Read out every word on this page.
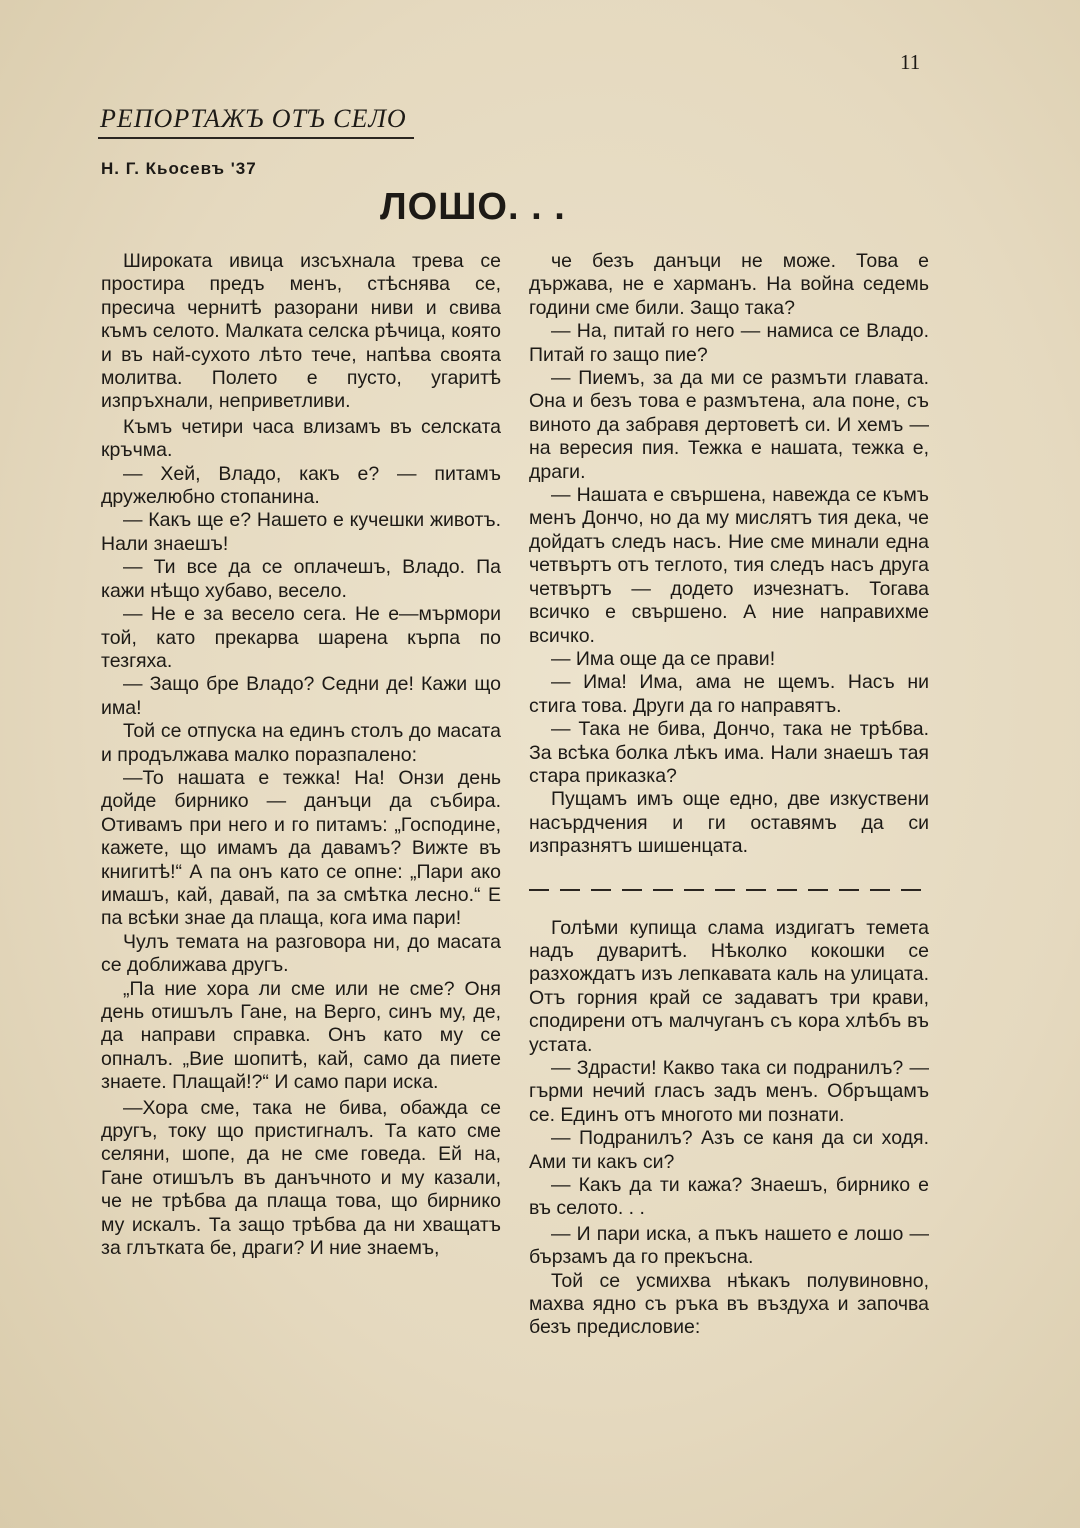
11
РЕПОРТАЖЪ ОТЪ СЕЛО
Н. Г. Кьосевъ '37
ЛОШО. . .

Широката ивица изсъхнала трева се простира предъ менъ, стѣснява се, пресича чернитѣ разорани ниви и свива къмъ селото. Малката селска рѣчица, която и въ най-сухото лѣто тече, напѣва своята молитва. Полето е пусто, угаритѣ изпръхнали, неприветливи.

Къмъ четири часа влизамъ въ селската кръчма.

— Хей, Владо, какъ е? — питамъ дружелюбно стопанина.

— Какъ ще е? Нашето е кучешки животъ. Нали знаешъ!

— Ти все да се оплачешъ, Владо. Па кажи нѣщо хубаво, весело.

— Не е за весело сега. Не е—мърмори той, като прекарва шарена кърпа по тезгяха.

— Защо бре Владо? Седни де! Кажи що има!

Той се отпуска на единъ столъ до масата и продължава малко поразпалено:

—То нашата е тежка! На! Онзи день дойде бирнико — данъци да събира. Отивамъ при него и го питамъ: „Господине, кажете, що имамъ да давамъ? Вижте въ книгитѣ!“ А па онъ като се опне: „Пари ако имашъ, кай, давай, па за смѣтка лесно.“ Е па всѣки знае да плаща, кога има пари!

Чулъ темата на разговора ни, до масата се доближава другъ.

„Па ние хора ли сме или не сме? Оня день отишълъ Гане, на Верго, синъ му, де, да направи справка. Онъ като му се опналъ. „Вие шопитѣ, кай, само да пиете знаете. Плащай!?“ И само пари иска.

—Хора сме, така не бива, обажда се другъ, току що пристигналъ. Та като сме селяни, шопе, да не сме говеда. Ей на, Гане отишълъ въ данъчното и му казали, че не трѣбва да плаща това, що бирнико му искалъ. Та защо трѣбва да ни хващатъ за глътката бе, драги? И ние знаемъ,

че безъ данъци не може. Това е държава, не е харманъ. На война седемь години сме били. Защо така?

— На, питай го него — намиса се Владо. Питай го защо пие?

— Пиемъ, за да ми се размъти главата. Она и безъ това е размътена, ала поне, съ виното да забравя дертоветѣ си. И хемъ — на вересия пия. Тежка е нашата, тежка е, драги.

— Нашата е свършена, навежда се къмъ менъ Дончо, но да му мислятъ тия дека, че дойдатъ следъ насъ. Ние сме минали една четвъртъ отъ теглото, тия следъ насъ друга четвъртъ — додето изчезнатъ. Тогава всичко е свършено. А ние направихме всичко.

— Има още да се прави!

— Има! Има, ама не щемъ. Насъ ни стига това. Други да го направятъ.

— Така не бива, Дончо, така не трѣбва. За всѣка болка лѣкъ има. Нали знаешъ тая стара приказка?

Пущамъ имъ още едно, две изкуствени насърдчения и ги оставямъ да си изпразнятъ шишенцата.

Голѣми купища слама издигатъ темета надъ дуваритѣ. Нѣколко кокошки се разхождатъ изъ лепкавата каль на улицата. Отъ горния край се задаватъ три крави, сподирени отъ малчуганъ съ кора хлѣбъ въ устата.

— Здрасти! Какво така си подранилъ? — гърми нечий гласъ задъ менъ. Обръщамъ се. Единъ отъ многото ми познати.

— Подранилъ? Азъ се каня да си ходя. Ами ти какъ си?

— Какъ да ти кажа? Знаешъ, бирнико е въ селото. . .

— И пари иска, а пъкъ нашето е лошо — бързамъ да го прекъсна.

Той се усмихва нѣкакъ полувиновно, махва ядно съ ръка въ въздуха и започва безъ предисловие:
